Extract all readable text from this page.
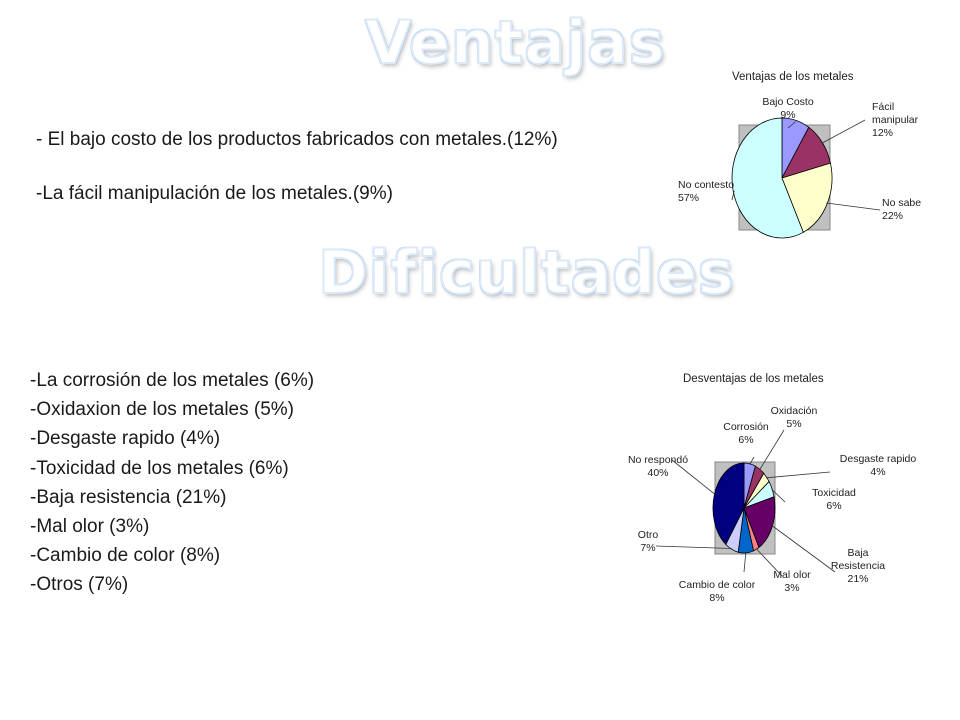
Ventajas
- El bajo costo de los productos fabricados con metales.(12%)
-La fácil manipulación de los metales.(9%)
Ventajas de los metales
Bajo Costo 9%
Fácil manipular 12%
No sabe 22%
No contesto 57%
Dificultades
-La corrosión de los metales (6%)
-Oxidaxion de los metales (5%)
-Desgaste rapido (4%)
-Toxicidad de los metales (6%)
-Baja resistencia (21%)
-Mal olor (3%)
-Cambio de color (8%)
-Otros (7%)
Desventajas de los metales
Corrosión 6%
Oxidación 5%
Desgaste rapido 4%
Toxicidad 6%
Baja Resistencia 21%
Mal olor 3%
Cambio de color 8%
Otro 7%
No respondó 40%
